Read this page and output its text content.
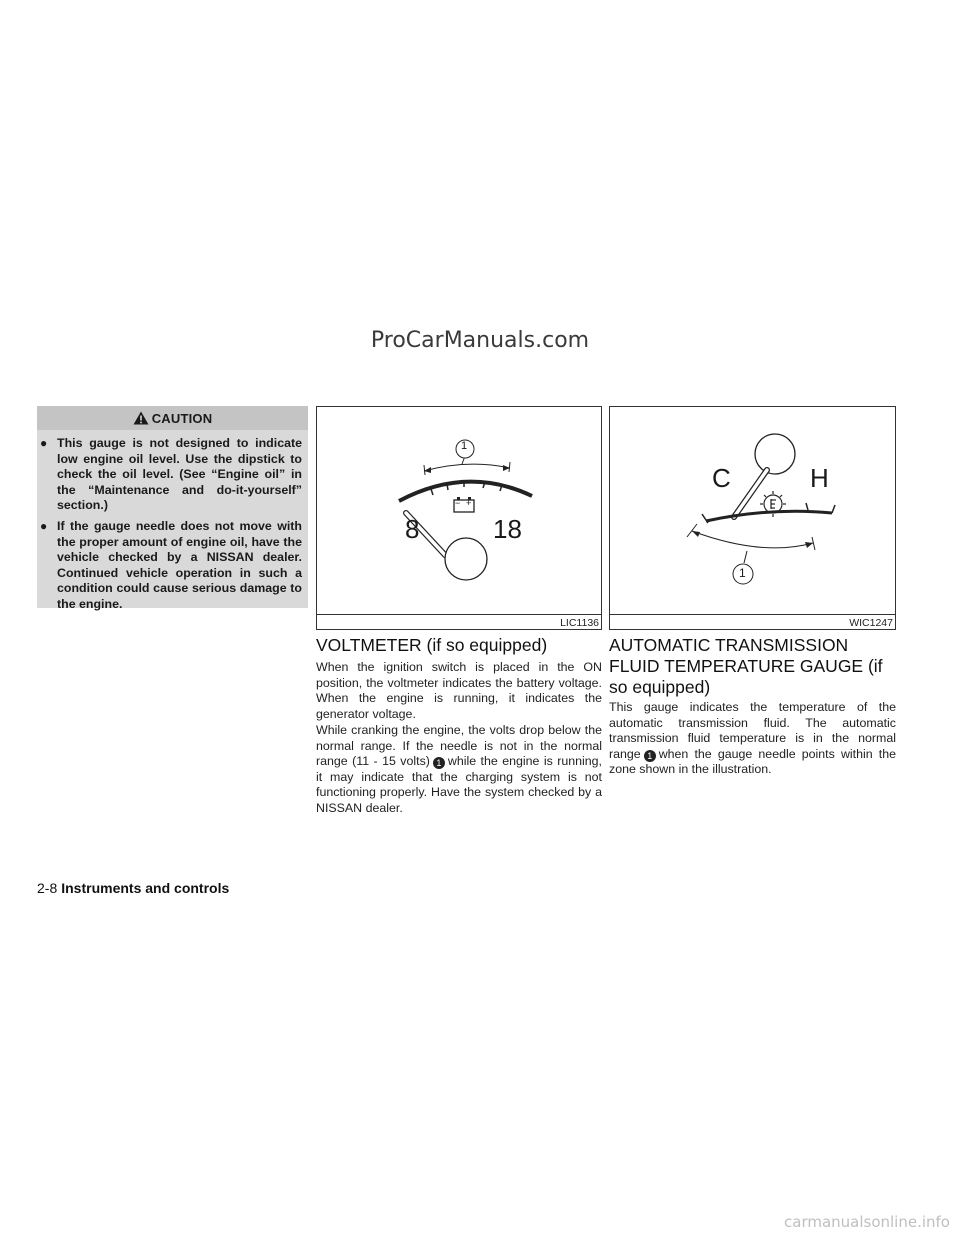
ProCarManuals.com
CAUTION
● This gauge is not designed to indicate low engine oil level. Use the dipstick to check the oil level. (See “Engine oil” in the “Maintenance and do-it-yourself” section.)
● If the gauge needle does not move with the proper amount of engine oil, have the vehicle checked by a NISSAN dealer. Continued vehicle operation in such a condition could cause serious damage to the engine.
1
− +
8	18
LIC1136
C	H
1
WIC1247
VOLTMETER (if so equipped)
When the ignition switch is placed in the ON position, the voltmeter indicates the battery voltage. When the engine is running, it indicates the generator voltage.
While cranking the engine, the volts drop below the normal range. If the needle is not in the normal range (11 - 15 volts) 1 while the engine is running, it may indicate that the charging system is not functioning properly. Have the system checked by a NISSAN dealer.
AUTOMATIC TRANSMISSION FLUID TEMPERATURE GAUGE (if so equipped)
This gauge indicates the temperature of the automatic transmission fluid. The automatic transmission fluid temperature is in the normal range 1 when the gauge needle points within the zone shown in the illustration.
2-8 Instruments and controls
carmanualsonline.info
